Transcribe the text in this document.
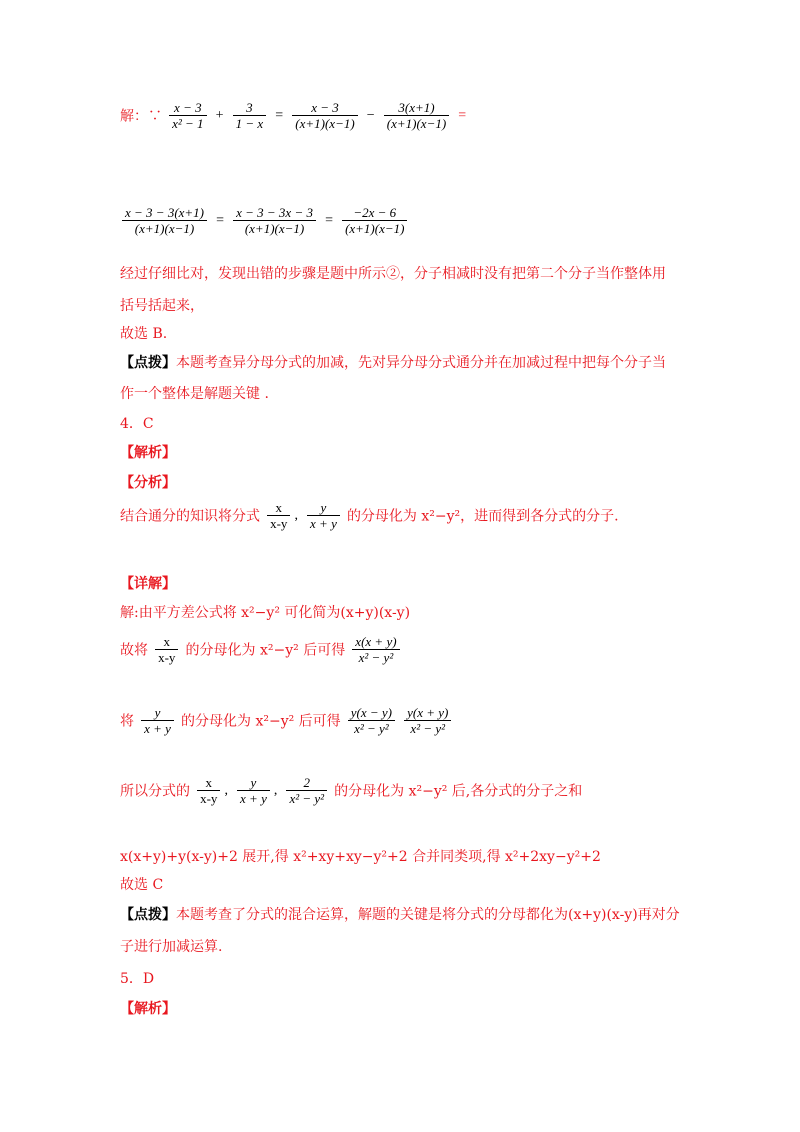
解：∵ $\frac{x - 3}{\text{x² − 1}} + \frac{3}{1 - x} = \frac{x - 3}{(x+1)(x-1)} - \frac{3(x+1)}{(x+1)(x-1)}$ =
$\frac{x - 3 - 3(x+1)}{(x+1)(x-1)} = \frac{x - 3 - 3x - 3}{(x+1)(x-1)} = \frac{-2x - 6}{(x+1)(x-1)}$
经过仔细比对，发现出错的步骤是题中所示②，分子相减时没有把第二个分子当作整体用
括号括起来，
故选 B.
【点拨】本题考查异分母分式的加减，先对异分母分式通分并在加减过程中把每个分子当
作一个整体是解题关键 .
4．C
【解析】
【分析】
结合通分的知识将分式 $\frac{x}{x-y}$ , $\frac{y}{x + y}$ 的分母化为 x²−y²，进而得到各分式的分子.
【详解】
解:由平方差公式将 x²−y² 可化简为(x+y)(x-y)
故将 $\frac{x}{x-y}$ 的分母化为 x²−y² 后可得 $\frac{x(x + y)}{\text{x² − y²}}$
将 $\frac{y}{x + y}$ 的分母化为 x²−y² 后可得 $\frac{y(x - y)}{\text{x² − y²}}$
$\frac{y(x + y)}{\text{x² − y²}}$
所以分式的 $\frac{x}{x-y}$ , $\frac{y}{x + y}$ , $\frac{2}{\text{x² − y²}}$ 的分母化为 x²−y² 后,各分式的分子之和
x(x+y)+y(x-y)+2 展开,得 x²+xy+xy−y²+2 合并同类项,得 x²+2xy−y²+2
故选 C
【点拨】本题考查了分式的混合运算，解题的关键是将分式的分母都化为(x+y)(x-y)再对分
子进行加减运算.
5．D
【解析】
